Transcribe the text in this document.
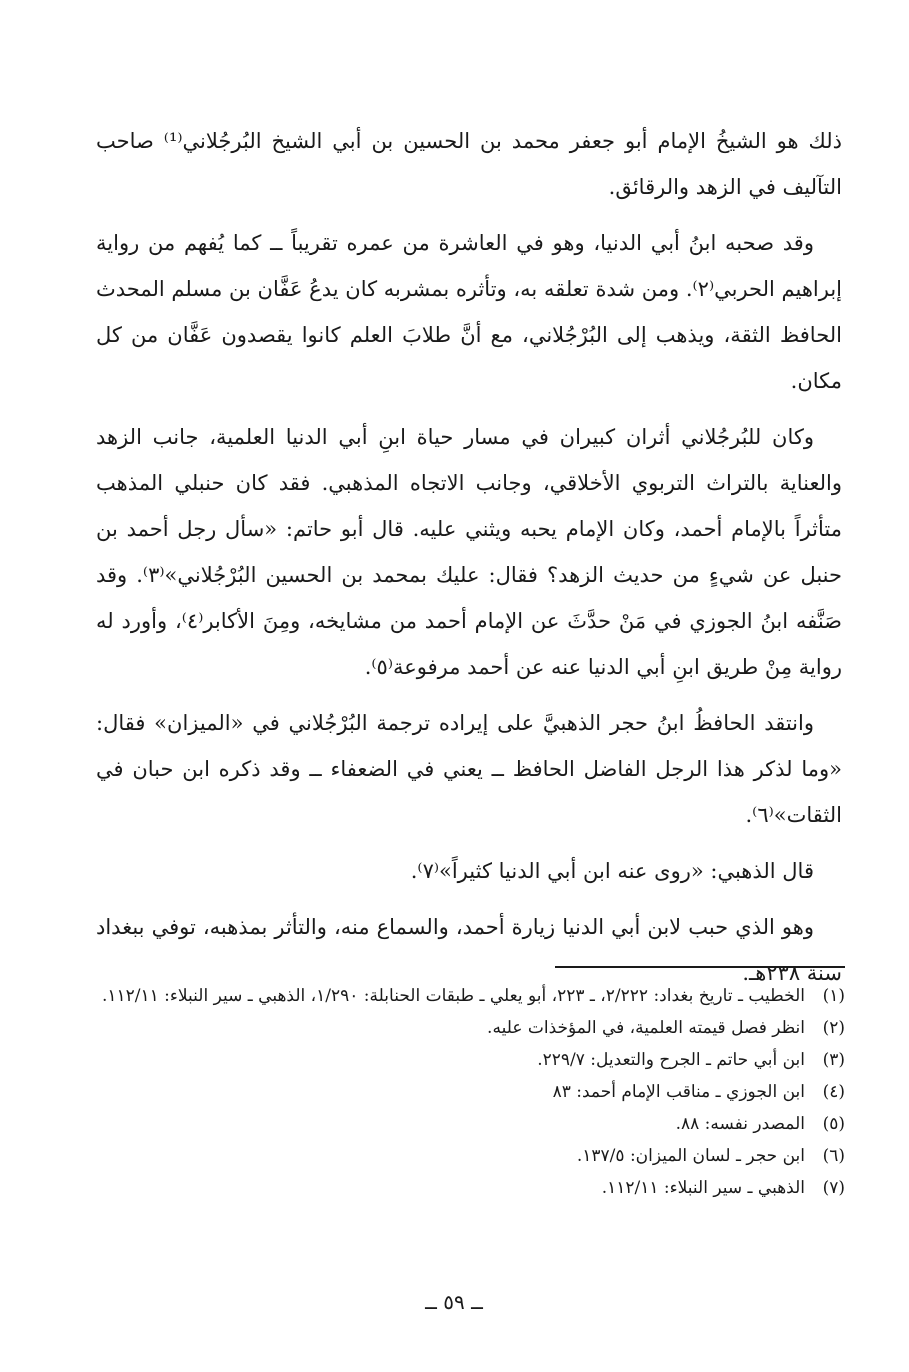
ذلك هو الشيخُ الإمام أبو جعفر محمد بن الحسين بن أبي الشيخ البُرجُلاني⁽¹⁾ صاحب التآليف في الزهد والرقائق.

وقد صحبه ابنُ أبي الدنيا، وهو في العاشرة من عمره تقريباً ــ كما يُفهم من رواية إبراهيم الحربي⁽٢⁾. ومن شدة تعلقه به، وتأثره بمشربه كان يدعُ عَفَّان بن مسلم المحدث الحافظ الثقة، ويذهب إلى البُرْجُلاني، مع أنَّ طلابَ العلم كانوا يقصدون عَفَّان من كل مكان.

وكان للبُرجُلاني أثران كبيران في مسار حياة ابنِ أبي الدنيا العلمية، جانب الزهد والعناية بالتراث التربوي الأخلاقي، وجانب الاتجاه المذهبي. فقد كان حنبلي المذهب متأثراً بالإمام أحمد، وكان الإمام يحبه ويثني عليه. قال أبو حاتم: «سأل رجل أحمد بن حنبل عن شيءٍ من حديث الزهد؟ فقال: عليك بمحمد بن الحسين البُرْجُلاني»⁽٣⁾. وقد صَنَّفه ابنُ الجوزي في مَنْ حدَّثَ عن الإمام أحمد من مشايخه، ومِنَ الأكابر⁽٤⁾، وأورد له رواية مِنْ طريق ابنِ أبي الدنيا عنه عن أحمد مرفوعة⁽٥⁾.

وانتقد الحافظُ ابنُ حجر الذهبيَّ على إيراده ترجمة البُرْجُلاني في «الميزان» فقال: «وما لذكر هذا الرجل الفاضل الحافظ ــ يعني في الضعفاء ــ وقد ذكره ابن حبان في الثقات»⁽٦⁾.

قال الذهبي: «روى عنه ابن أبي الدنيا كثيراً»⁽٧⁾.

وهو الذي حبب لابن أبي الدنيا زيارة أحمد، والسماع منه، والتأثر بمذهبه، توفي ببغداد سنة ٢٣٨هـ.

(١)
الخطيب ـ تاريخ بغداد: ٢/٢٢٢، ـ ٢٢٣، أبو يعلي ـ طبقات الحنابلة: ١/٢٩٠، الذهبي ـ سير النبلاء: ١١٢/١١.
(٢)
انظر فصل قيمته العلمية، في المؤخذات عليه.
(٣)
ابن أبي حاتم ـ الجرح والتعديل: ٢٢٩/٧.
(٤)
ابن الجوزي ـ مناقب الإمام أحمد: ٨٣
(٥)
المصدر نفسه: ٨٨.
(٦)
ابن حجر ـ لسان الميزان: ١٣٧/٥.
(٧)
الذهبي ـ سير النبلاء: ١١٢/١١.
ــ ٥٩ ــ
